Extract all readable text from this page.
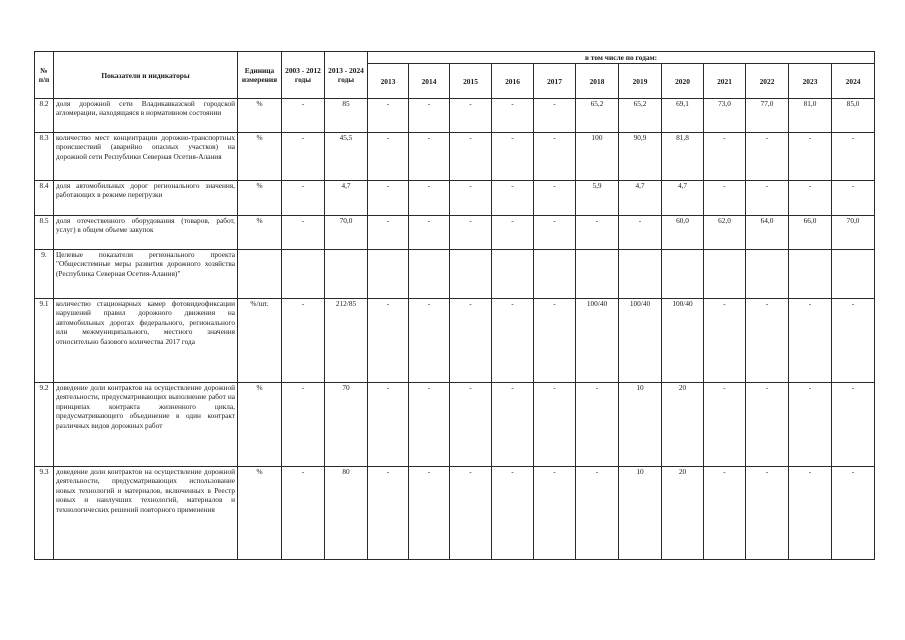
№ п/п	Показатели и индикаторы	Единица измерения	2003 - 2012 годы	2013 - 2024 годы	в том числе по годам:											
					2013	2014	2015	2016	2017	2018	2019	2020	2021	2022	2023	2024
8.2	доля дорожной сети Владикавказской городской агломерации, находящаяся в нормативном состоянии	%	-	85	-	-	-	-	-	65,2	65,2	69,1	73,0	77,0	81,0	85,0
8.3	количество мест концентрации дорожно-транспортных происшествий (аварийно опасных участков) на дорожной сети Республики Северная Осетия-Алания	%	-	45,5	-	-	-	-	-	100	90,9	81,8	-	-	-	-
8.4	доля автомобильных дорог регионального значения, работающих в режиме перегрузки	%	-	4,7	-	-	-	-	-	5,9	4,7	4,7	-	-	-	-
8.5	доля отечественного оборудования (товаров, работ, услуг) в общем объеме закупок	%	-	70,0	-	-	-	-	-	-	-	60,0	62,0	64,0	66,0	70,0
9.	Целевые показатели регионального проекта "Общесистемные меры развития дорожного хозяйства (Республика Северная Осетия-Алания)"															
9.1	количество стационарных камер фотовидеофиксации нарушений правил дорожного движения на автомобильных дорогах федерального, регионального или межмуниципального, местного значения относительно базового количества 2017 года	%/шт.	-	212/85	-	-	-	-	-	100/40	100/40	100/40	-	-	-	-
9.2	доведение доли контрактов на осуществление дорожной деятельности, предусматривающих выполнение работ на принципах контракта жизненного цикла, предусматривающего объединение в один контракт различных видов дорожных работ	%	-	70	-	-	-	-	-	-	10	20	-	-	-	-
9.3	доведение доли контрактов на осуществление дорожной деятельности, предусматривающих использование новых технологий и материалов, включенных в Реестр новых и наилучших технологий, материалов и технологических решений повторного применения	%	-	80	-	-	-	-	-	-	10	20	-	-	-	-
